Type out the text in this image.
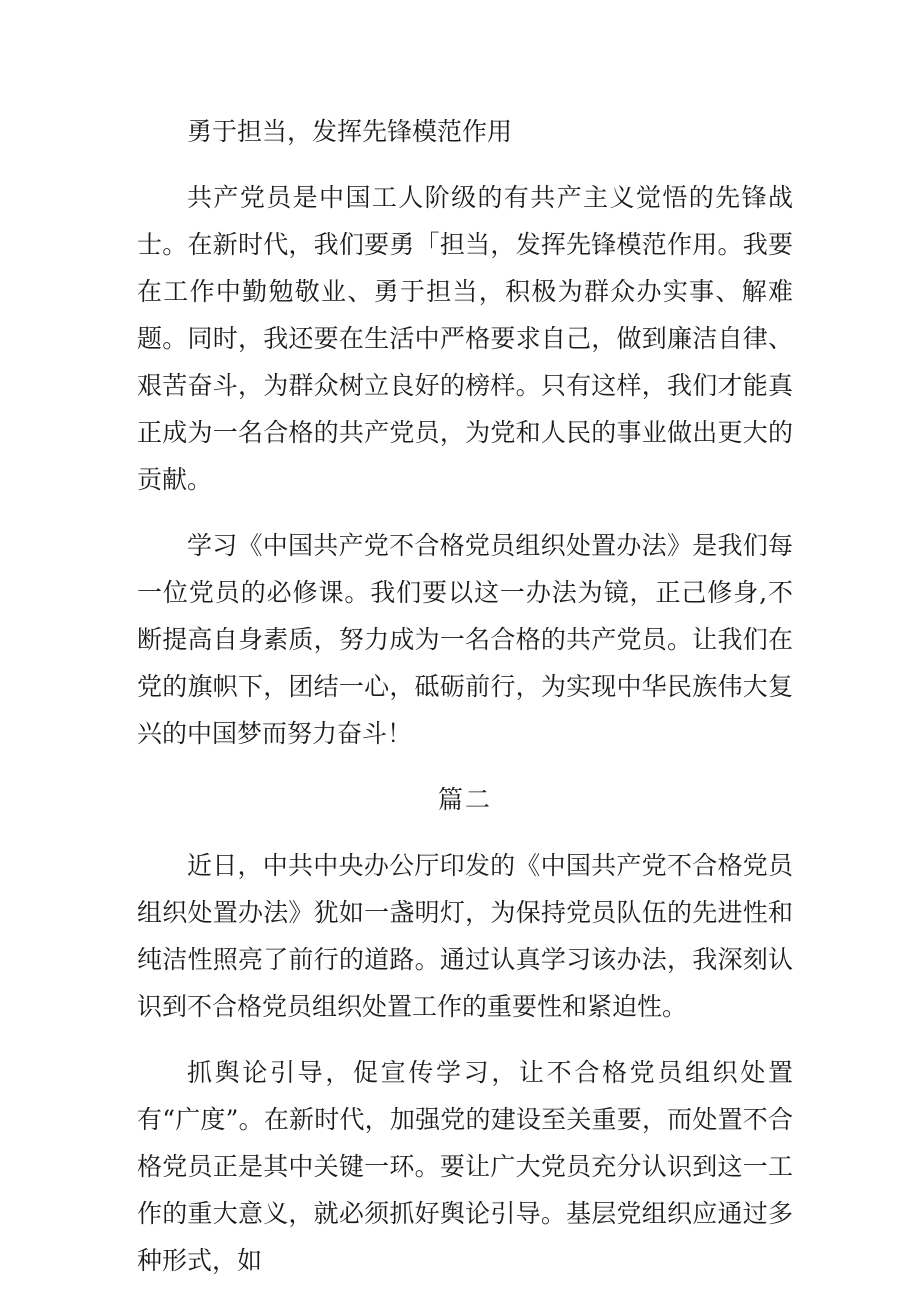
勇于担当，发挥先锋模范作用

共产党员是中国工人阶级的有共产主义觉悟的先锋战士。在新时代，我们要勇「担当，发挥先锋模范作用。我要在工作中勤勉敬业、勇于担当，积极为群众办实事、解难题。同时，我还要在生活中严格要求自己，做到廉洁自律、艰苦奋斗，为群众树立良好的榜样。只有这样，我们才能真正成为一名合格的共产党员，为党和人民的事业做出更大的贡献。

学习《中国共产党不合格党员组织处置办法》是我们每一位党员的必修课。我们要以这一办法为镜，正己修身,不断提高自身素质，努力成为一名合格的共产党员。让我们在党的旗帜下，团结一心，砥砺前行，为实现中华民族伟大复兴的中国梦而努力奋斗！

篇二

近日，中共中央办公厅印发的《中国共产党不合格党员组织处置办法》犹如一盏明灯，为保持党员队伍的先进性和纯洁性照亮了前行的道路。通过认真学习该办法，我深刻认识到不合格党员组织处置工作的重要性和紧迫性。

抓舆论引导，促宣传学习，让不合格党员组织处置有“广度”。在新时代，加强党的建设至关重要，而处置不合格党员正是其中关键一环。要让广大党员充分认识到这一工作的重大意义，就必须抓好舆论引导。基层党组织应通过多种形式，如
